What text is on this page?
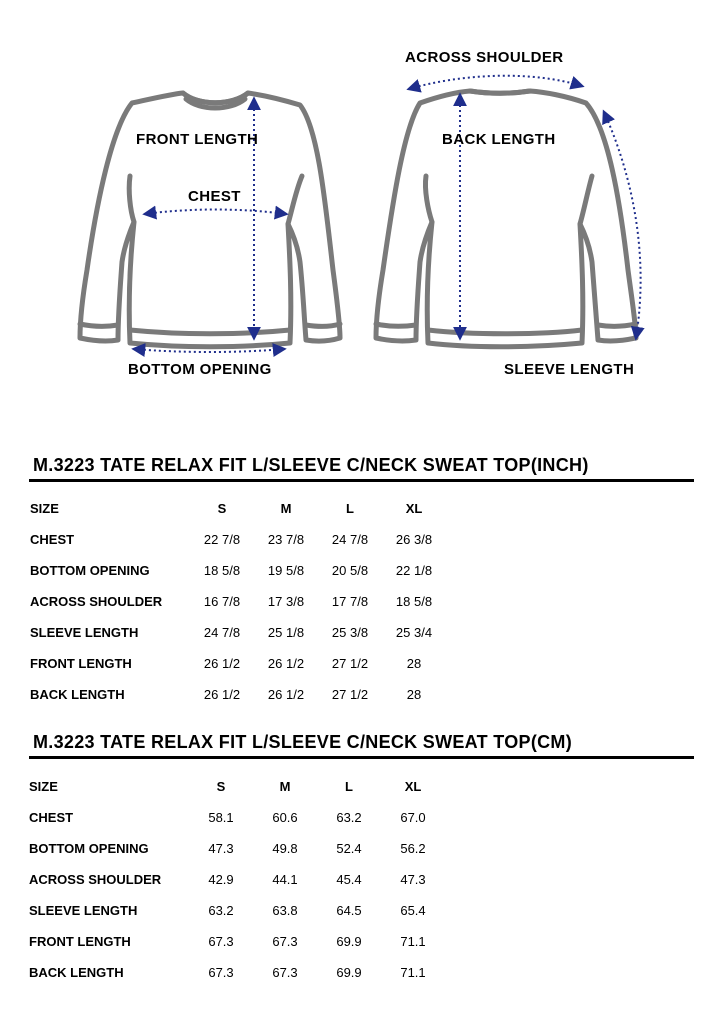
FRONT LENGTH
CHEST
BOTTOM OPENING
ACROSS SHOULDER
BACK LENGTH
SLEEVE LENGTH
M.3223 TATE RELAX FIT L/SLEEVE C/NECK SWEAT TOP(INCH)
SIZE	S	M	L	XL
CHEST	22 7/8	23 7/8	24 7/8	26 3/8
BOTTOM OPENING	18 5/8	19 5/8	20 5/8	22 1/8
ACROSS SHOULDER	16 7/8	17 3/8	17 7/8	18 5/8
SLEEVE LENGTH	24 7/8	25 1/8	25 3/8	25 3/4
FRONT LENGTH	26 1/2	26 1/2	27 1/2	28
BACK LENGTH	26 1/2	26 1/2	27 1/2	28
M.3223 TATE RELAX FIT L/SLEEVE C/NECK SWEAT TOP(CM)
SIZE	S	M	L	XL
CHEST	58.1	60.6	63.2	67.0
BOTTOM OPENING	47.3	49.8	52.4	56.2
ACROSS SHOULDER	42.9	44.1	45.4	47.3
SLEEVE LENGTH	63.2	63.8	64.5	65.4
FRONT LENGTH	67.3	67.3	69.9	71.1
BACK LENGTH	67.3	67.3	69.9	71.1
